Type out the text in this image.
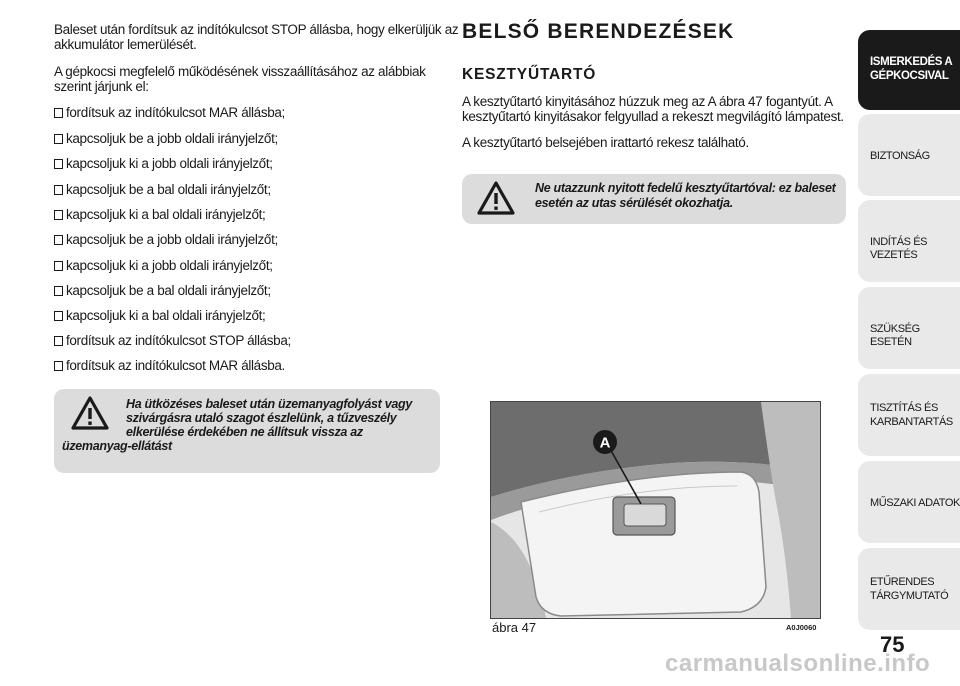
Baleset után fordítsuk az indítókulcsot STOP állásba, hogy elkerüljük az
akkumulátor lemerülését.
A gépkocsi megfelelő működésének visszaállításához az alábbiak
szerint járjunk el:
fordítsuk az indítókulcsot MAR állásba;
kapcsoljuk be a jobb oldali irányjelzőt;
kapcsoljuk ki a jobb oldali irányjelzőt;
kapcsoljuk be a bal oldali irányjelzőt;
kapcsoljuk ki a bal oldali irányjelzőt;
kapcsoljuk be a jobb oldali irányjelzőt;
kapcsoljuk ki a jobb oldali irányjelzőt;
kapcsoljuk be a bal oldali irányjelzőt;
kapcsoljuk ki a bal oldali irányjelzőt;
fordítsuk az indítókulcsot STOP állásba;
fordítsuk az indítókulcsot MAR állásba.
Ha ütközéses baleset után üzemanyagfolyást vagy
szivárgásra utaló szagot észlelünk, a tűzveszély
elkerülése érdekében ne állítsuk vissza az
üzemanyag-ellátást
BELSŐ BERENDEZÉSEK
KESZTYŰTARTÓ
A kesztyűtartó kinyitásához húzzuk meg az A ábra 47 fogantyút. A
kesztyűtartó kinyitásakor felgyullad a rekeszt megvilágító lámpatest.
A kesztyűtartó belsejében irattartó rekesz található.
Ne utazzunk nyitott fedelű kesztyűtartóval: ez baleset
esetén az utas sérülését okozhatja.
A
ábra 47	A0J0060
ISMERKEDÉS A
GÉPKOCSIVAL
BIZTONSÁG
INDÍTÁS ÉS VEZETÉS
SZÜKSÉG ESETÉN
TISZTÍTÁS ÉS
KARBANTARTÁS
MŰSZAKI ADATOK
ETŰRENDES
TÁRGYMUTATÓ
75
carmanualsonline.info
